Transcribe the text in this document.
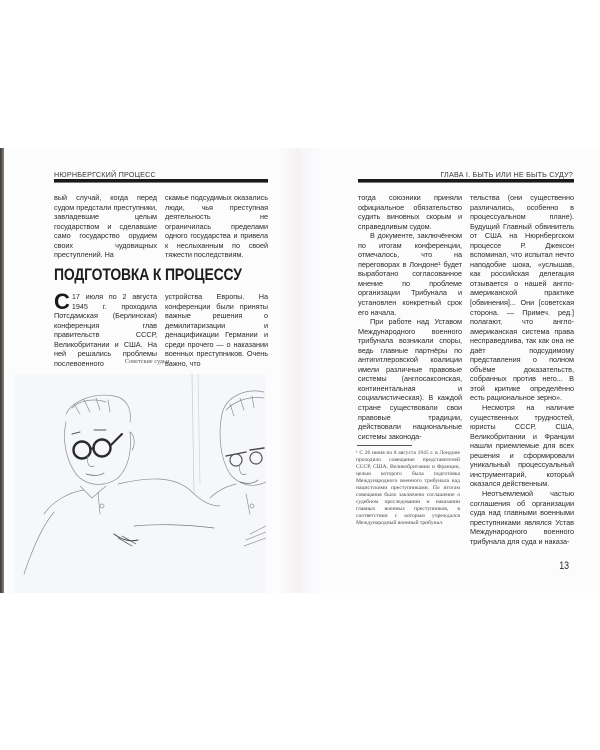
НЮРНБЕРГСКИЙ ПРОЦЕСС

вый случай, когда перед судом предстали преступники, завладевшие целым государством и сделавшие само государство орудием своих чудовищных преступлений. На

скамье подсудимых оказались люди, чья преступная деятельность не ограничилась пределами одного государства и привела к неслыханным по своей тяжести последствиям.

ПОДГОТОВКА К ПРОЦЕССУ
С 17 июля по 2 августа 1945 г. проходила Потсдамская (Берлинская) конференция глав правительств СССР, Великобритании и США. На ней решались проблемы послевоенного

устройства Европы. На конференции были приняты важные решения о демилитаризации и денацификации Германии и среди прочего — о наказании военных преступников. Очень важно, что

Советские судьи
ГЛАВА I. БЫТЬ ИЛИ НЕ БЫТЬ СУДУ?

тогда союзники приняли официальное обязательство судить виновных скорым и справедливым судом.

В документе, заключённом по итогам конференции, отмечалось, что на переговорах в Лондоне¹ будет выработано согласованное мнение по проблеме организации Трибунала и установлен конкретный срок его начала.

При работе над Уставом Международного военного трибунала возникали споры, ведь главные партнёры по антигитлеровской коалиции имели различные правовые системы (англосаксонская, континентальная и социалистическая). В каждой стране существовали свои правовые традиции, действовали национальные системы законода-

¹ С 26 июня по 8 августа 1945 г. в Лондоне проходило совещание представителей СССР, США, Великобритании и Франции, целью которого была подготовка Международного военного трибунала над нацистскими преступниками. По итогам совещания было заключено соглашение о судебном преследовании и наказании главных военных преступников, в соответствии с которым учреждался Международный военный трибунал.

тельства (они существенно различались, особенно в процессуальном плане). Будущий Главный обвинитель от США на Нюрнбергском процессе Р. Джексон вспоминал, что испытал нечто наподобие шока, «услышав, как российская делегация отзывается о нашей англо-американской практике [обвинения]... Они [советская сторона. — Примеч. ред.] полагают, что англо-американская система права несправедлива, так как она не даёт подсудимому представления о полном объёме доказательств, собранных против него... В этой критике определённо есть рациональное зерно».

Несмотря на наличие существенных трудностей, юристы СССР, США, Великобритании и Франции нашли приемлемые для всех решения и сформировали уникальный процессуальный инструментарий, который оказался действенным.

Неотъемлемой частью соглашения об организации суда над главными военными преступниками являлся Устав Международного военного трибунала для суда и наказа-

13
